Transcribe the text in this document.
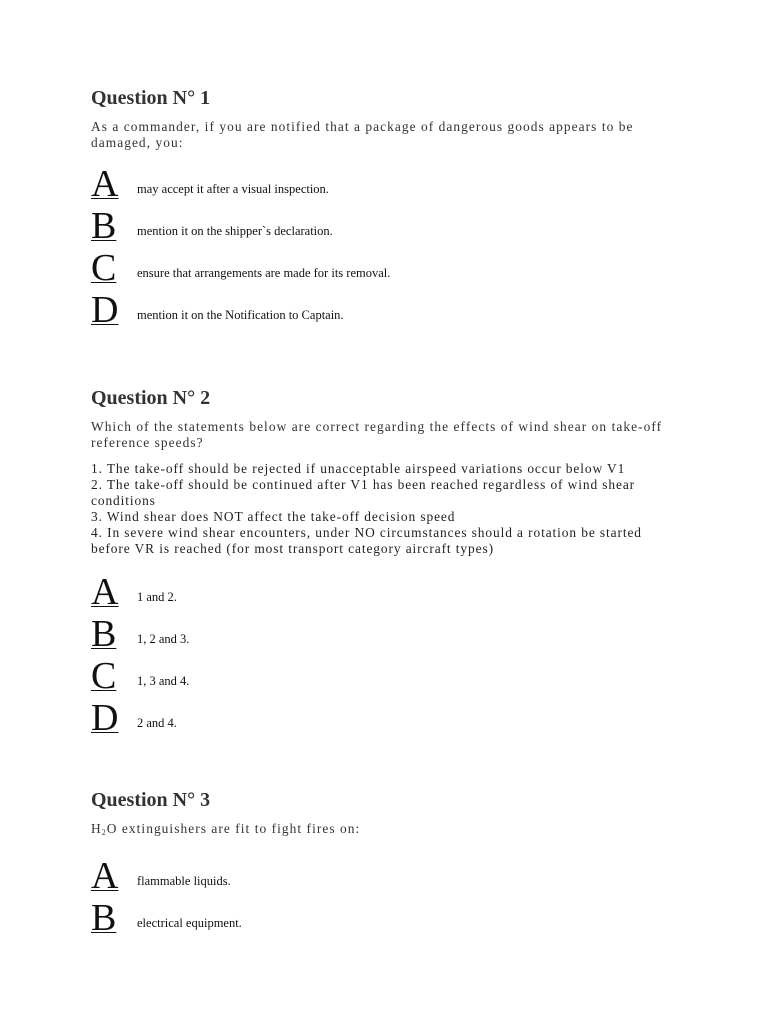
Question N° 1

As a commander, if you are notified that a package of dangerous goods appears to be damaged, you:

A may accept it after a visual inspection.
B	mention it on the shipper`s declaration.
C	ensure that arrangements are made for its removal.
D mention it on the Notification to Captain.
Question N° 2

Which of the statements below are correct regarding the effects of wind shear on take-off reference speeds?

1. The take-off should be rejected if unacceptable airspeed variations occur below V1
2. The take-off should be continued after V1 has been reached regardless of wind shear conditions
3. Wind shear does NOT affect the take-off decision speed
4. In severe wind shear encounters, under NO circumstances should a rotation be started before VR is reached (for most transport category aircraft types)
A 1 and 2.
B	1, 2 and 3.
C	1, 3 and 4.
D 2 and 4.
Question N° 3

$H_2O$ extinguishers are fit to fight fires on:

A flammable liquids.
B	electrical equipment.
